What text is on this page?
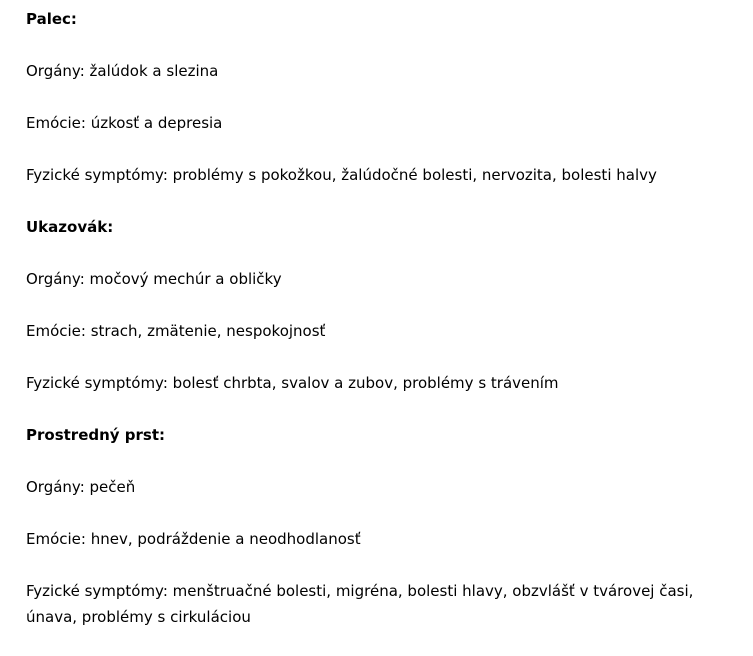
Palec:

Orgány: žalúdok a slezina

Emócie: úzkosť a depresia

Fyzické symptómy: problémy s pokožkou, žalúdočné bolesti, nervozita, bolesti halvy

Ukazovák:

Orgány: močový mechúr a obličky

Emócie: strach, zmätenie, nespokojnosť

Fyzické symptómy: bolesť chrbta, svalov a zubov, problémy s trávením

Prostredný prst:

Orgány: pečeň

Emócie: hnev, podráždenie a neodhodlanosť

Fyzické symptómy: menštruačné bolesti, migréna, bolesti hlavy, obzvlášť v tvárovej časi, únava, problémy s cirkuláciou
